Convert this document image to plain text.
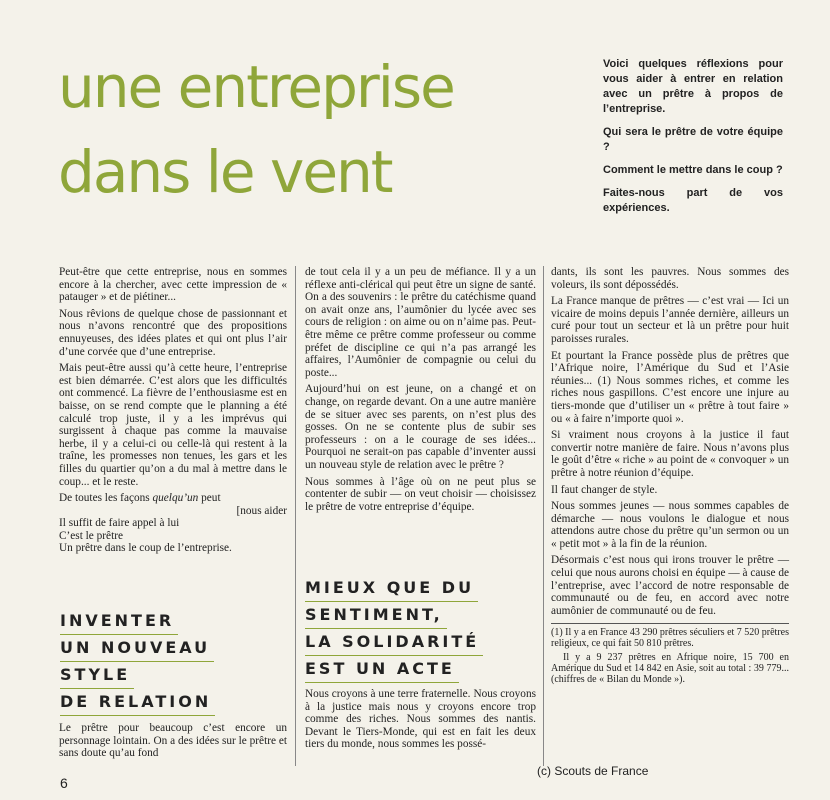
une entreprise
dans le vent

Voici quelques réflexions pour vous aider à entrer en relation avec un prêtre à propos de l’entreprise.

Qui sera le prêtre de votre équipe ?

Comment le mettre dans le coup ?

Faites-nous part de vos expériences.

Peut-être que cette entreprise, nous en sommes encore à la chercher, avec cette impression de « patauger » et de piétiner...

Nous rêvions de quelque chose de passionnant et nous n’avons rencontré que des propositions ennuyeuses, des idées plates et qui ont plus l’air d’une corvée que d’une entreprise.

Mais peut-être aussi qu’à cette heure, l’entreprise est bien démarrée. C’est alors que les difficultés ont commencé. La fièvre de l’enthousiasme est en baisse, on se rend compte que le planning a été calculé trop juste, il y a les imprévus qui surgissent à chaque pas comme la mauvaise herbe, il y a celui-ci ou celle-là qui restent à la traîne, les promesses non tenues, les gars et les filles du quartier qu’on a du mal à mettre dans le coup... et le reste.

De toutes les façons quelqu’un peut

[nous aider

Il suffit de faire appel à lui

C’est le prêtre

Un prêtre dans le coup de l’entreprise.

INVENTER
UN NOUVEAU
STYLE
DE RELATION

Le prêtre pour beaucoup c’est encore un personnage lointain. On a des idées sur le prêtre et sans doute qu’au fond

de tout cela il y a un peu de méfiance. Il y a un réflexe anti-clérical qui peut être un signe de santé. On a des souvenirs : le prêtre du catéchisme quand on avait onze ans, l’aumônier du lycée avec ses cours de religion : on aime ou on n’aime pas. Peut-être même ce prêtre comme professeur ou comme préfet de discipline ce qui n’a pas arrangé les affaires, l’Aumônier de compagnie ou celui du poste...

Aujourd’hui on est jeune, on a changé et on change, on regarde devant. On a une autre manière de se situer avec ses parents, on n’est plus des gosses. On ne se contente plus de subir ses professeurs : on a le courage de ses idées... Pourquoi ne serait-on pas capable d’inventer aussi un nouveau style de relation avec le prêtre ?

Nous sommes à l’âge où on ne peut plus se contenter de subir — on veut choisir — choisissez le prêtre de votre entreprise d’équipe.

MIEUX QUE DU
SENTIMENT,
LA SOLIDARITÉ
EST UN ACTE

Nous croyons à une terre fraternelle. Nous croyons à la justice mais nous y croyons encore trop comme des riches. Nous sommes des nantis. Devant le Tiers-Monde, qui est en fait les deux tiers du monde, nous sommes les possé-

dants, ils sont les pauvres. Nous sommes des voleurs, ils sont dépossédés.

La France manque de prêtres — c’est vrai — Ici un vicaire de moins depuis l’année dernière, ailleurs un curé pour tout un secteur et là un prêtre pour huit paroisses rurales.

Et pourtant la France possède plus de prêtres que l’Afrique noire, l’Amérique du Sud et l’Asie réunies... (1) Nous sommes riches, et comme les riches nous gaspillons. C’est encore une injure au tiers-monde que d’utiliser un « prêtre à tout faire » ou « à faire n’importe quoi ».

Si vraiment nous croyons à la justice il faut convertir notre manière de faire. Nous n’avons plus le goût d’être « riche » au point de « convoquer » un prêtre à notre réunion d’équipe.

Il faut changer de style.

Nous sommes jeunes — nous sommes capables de démarche — nous voulons le dialogue et nous attendons autre chose du prêtre qu’un sermon ou un « petit mot » à la fin de la réunion.

Désormais c’est nous qui irons trouver le prêtre — celui que nous aurons choisi en équipe — à cause de l’entreprise, avec l’accord de notre responsable de communauté ou de feu, en accord avec notre aumônier de communauté ou de feu.

(1) Il y a en France 43 290 prêtres séculiers et 7 520 prêtres religieux, ce qui fait 50 810 prêtres.

Il y a 9 237 prêtres en Afrique noire, 15 700 en Amérique du Sud et 14 842 en Asie, soit au total : 39 779... (chiffres de « Bilan du Monde »).

6
(c) Scouts de France
